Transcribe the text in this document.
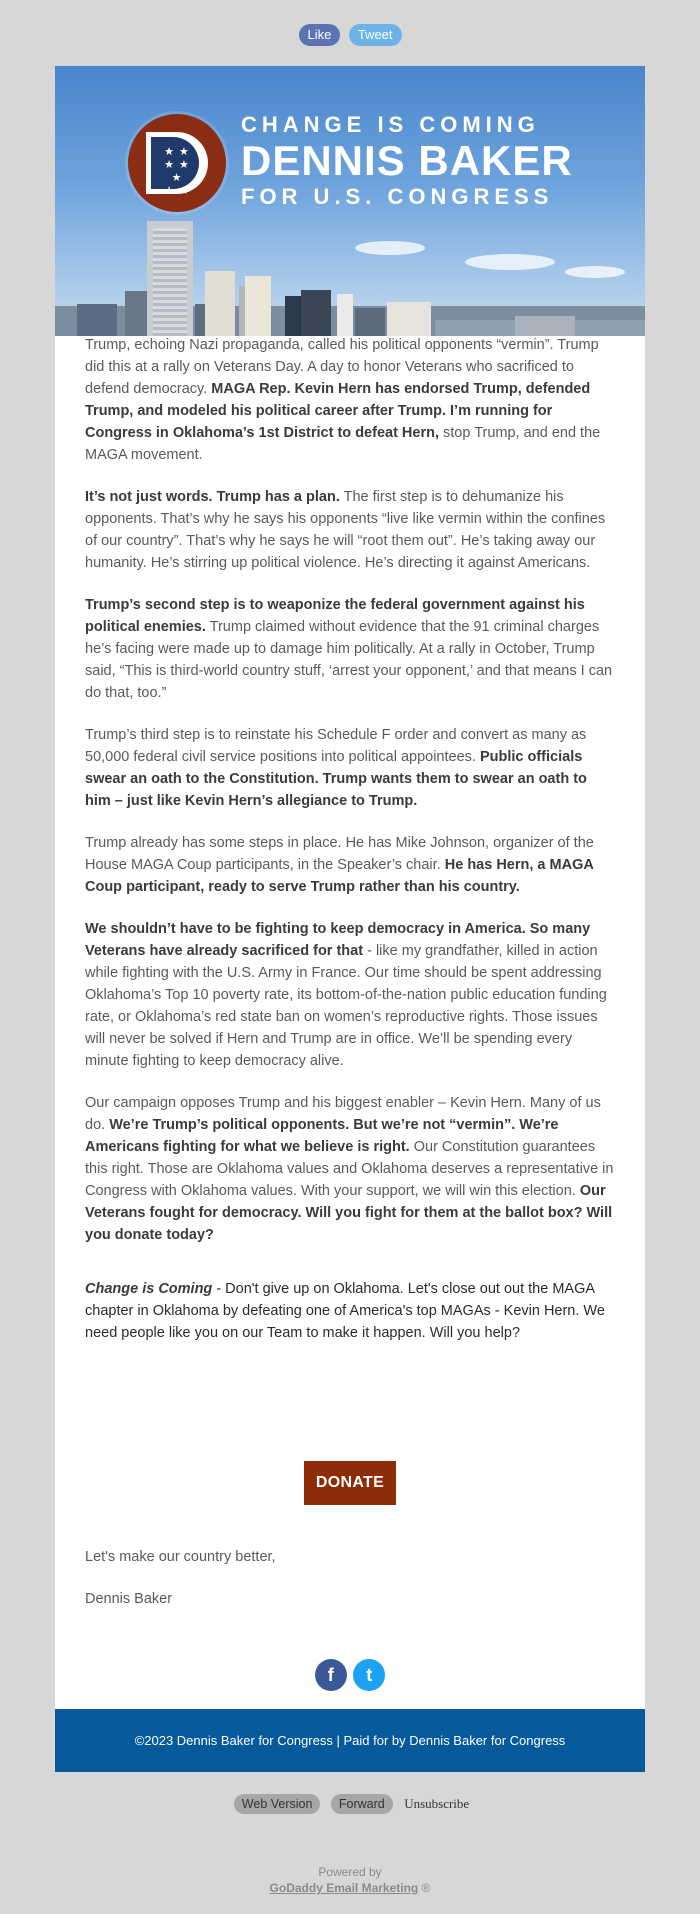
Like Tweet
★ ★
★ ★ ★
★ ★
CHANGE IS COMING
DENNIS BAKER
FOR U.S. CONGRESS

Trump, echoing Nazi propaganda, called his political opponents “vermin”. Trump did this at a rally on Veterans Day. A day to honor Veterans who sacrificed to defend democracy. MAGA Rep. Kevin Hern has endorsed Trump, defended Trump, and modeled his political career after Trump. I’m running for Congress in Oklahoma’s 1st District to defeat Hern, stop Trump, and end the MAGA movement.

It’s not just words. Trump has a plan. The first step is to dehumanize his opponents. That’s why he says his opponents “live like vermin within the confines of our country”. That’s why he says he will “root them out”. He’s taking away our humanity. He’s stirring up political violence. He’s directing it against Americans.

Trump’s second step is to weaponize the federal government against his political enemies. Trump claimed without evidence that the 91 criminal charges he’s facing were made up to damage him politically. At a rally in October, Trump said, “This is third-world country stuff, ‘arrest your opponent,’ and that means I can do that, too.”

Trump’s third step is to reinstate his Schedule F order and convert as many as 50,000 federal civil service positions into political appointees. Public officials swear an oath to the Constitution. Trump wants them to swear an oath to him – just like Kevin Hern’s allegiance to Trump.

Trump already has some steps in place. He has Mike Johnson, organizer of the House MAGA Coup participants, in the Speaker’s chair. He has Hern, a MAGA Coup participant, ready to serve Trump rather than his country.

We shouldn’t have to be fighting to keep democracy in America. So many Veterans have already sacrificed for that - like my grandfather, killed in action while fighting with the U.S. Army in France. Our time should be spent addressing Oklahoma’s Top 10 poverty rate, its bottom-of-the-nation public education funding rate, or Oklahoma’s red state ban on women’s reproductive rights. Those issues will never be solved if Hern and Trump are in office. We’ll be spending every minute fighting to keep democracy alive.

Our campaign opposes Trump and his biggest enabler – Kevin Hern. Many of us do. We’re Trump’s political opponents. But we’re not “vermin”. We’re Americans fighting for what we believe is right. Our Constitution guarantees this right. Those are Oklahoma values and Oklahoma deserves a representative in Congress with Oklahoma values. With your support, we will win this election. Our Veterans fought for democracy. Will you fight for them at the ballot box? Will you donate today?

Change is Coming - Don't give up on Oklahoma. Let's close out out the MAGA chapter in Oklahoma by defeating one of America's top MAGAs - Kevin Hern. We need people like you on our Team to make it happen. Will you help?

DONATE

Let's make our country better,

Dennis Baker

f t
©2023 Dennis Baker for Congress | Paid for by Dennis Baker for Congress
Web Version Forward Unsubscribe
Powered by
GoDaddy Email Marketing ®
